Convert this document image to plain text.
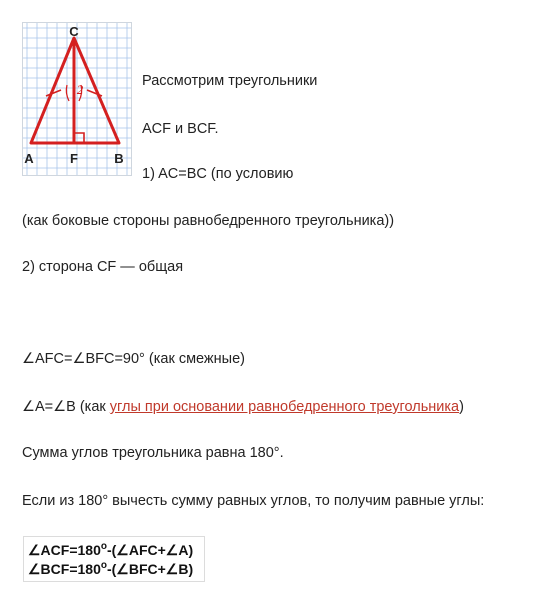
C
2
A	F	B
Рассмотрим треугольники
ACF и BCF.
1) AC=BC (по условию
(как боковые стороны равнобедренного треугольника))
2) сторона CF — общая
∠AFC=∠BFC=90° (как смежные)
∠A=∠B (как углы при основании равнобедренного треугольника)
Сумма углов треугольника равна 180°.
Если из 180° вычесть сумму равных углов, то получим равные углы:
$\angle ACF=180^o-(\angle AFC+\angle A)$
$\angle BCF=180^o-(\angle BFC+\angle B)$
